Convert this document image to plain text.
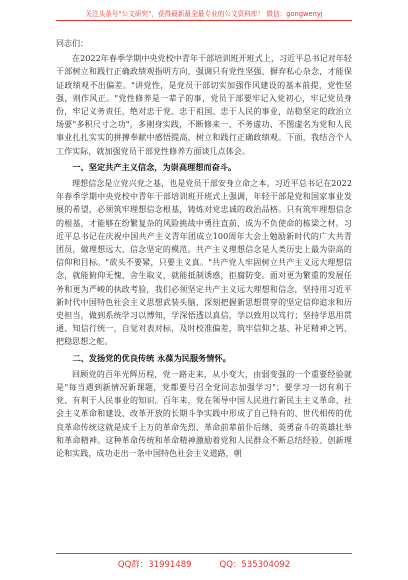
关注头条号"公文研究"，获得最新最全最专业的公文资料库！ 微信：gongwenyj

同志们：

在2022年春季学期中央党校中青年干部培训班开班式上，习近平总书记对年轻干部树立和践行正确政绩观指明方向，强调只有党性坚强、摒弃私心杂念，才能保证政绩观不出偏差。"讲党性，是党员干部切实加强作风建设的基本前提，党性坚强，则作风正。"党性修养是一辈子的事，党员干部要牢记入党初心，牢记党员身份，牢记义务责任，绝对忠于党、忠于祖国、忠于人民的事业，站稳坚定的政治立场要"多积尺寸之功"，多刚身实践，不断修来一、不务虚功、不图虚名为党和人民事业扎扎实实的拼搏奉献中感悟提高，树立和践行正确政绩观。下面，我结合个人工作实际，就加强党员干部党性修养方面谈几点体会。

一、坚定共产主义信念，为崇高理想而奋斗。

理想信念是立党兴党之基，也是党员干部安身立命之本。习近平总书记在2022年春季学期中央党校中青年干部培训班开班式上强调，年轻干部是党和国家事业发展的希望，必须筑牢理想信念根基，铸炼对党忠诚的政治品格。只有筑牢理想信念的根基，才能够在纷繁复杂的风险挑战中勇往直前，成为不负使命的栋梁之材。习近平总书记在庆祝中国共产主义青年团成立100周年大会上勉励新时代的广大共青团员，做理想远大、信念坚定的模范。共产主义理想信念是人类历史上最为崇高的信仰和目标。"欲头不要紧，只要主义真。"共产党人牢固树立共产主义远大理想信念，就能俯仰无愧、舍生取义，就能抵制诱惑，拒腐防变。面对更为繁重的发展任务和更为严峻的执政考验，我们必须坚定共产主义远大理想和信念，坚持用习近平新时代中国特色社会主义思想武装头脑，深刻把握新思想贯穿的坚定信仰追求和历史担当，做到系统学习以博知，学深悟透以真信，学以致用以笃行；坚持学思用贯通、知信行统一，自觉对表对标，及时校准偏差，筑牢信仰之基、补足精神之钙、把稳思想之舵。

二、发扬党的优良传统 永葆为民服务情怀。

回顾党的百年光辉历程，党一路走来，从小变大，由弱变强的一个重要经验就是"每当遇到新情况新课题，党都要号召全党同志加强学习"；要学习一切有利于党、有利于人民事业的知识。百年来，党在领导中国人民进行新民主主义革命、社会主义革命和建设、改革开放的长期斗争实践中形成了自己特有的、世代相传的优良革命传统这就是成千上万的革命先烈、革命前辈前仆后继、英勇奋斗的英雄壮举和革命精神。这种革命传统和革命精神激励着党和人民群众不断总结经验、创新理论和实践，成功走出一条中国特色社会主义道路，朝

QQ群：31991489	QQ：535304092
